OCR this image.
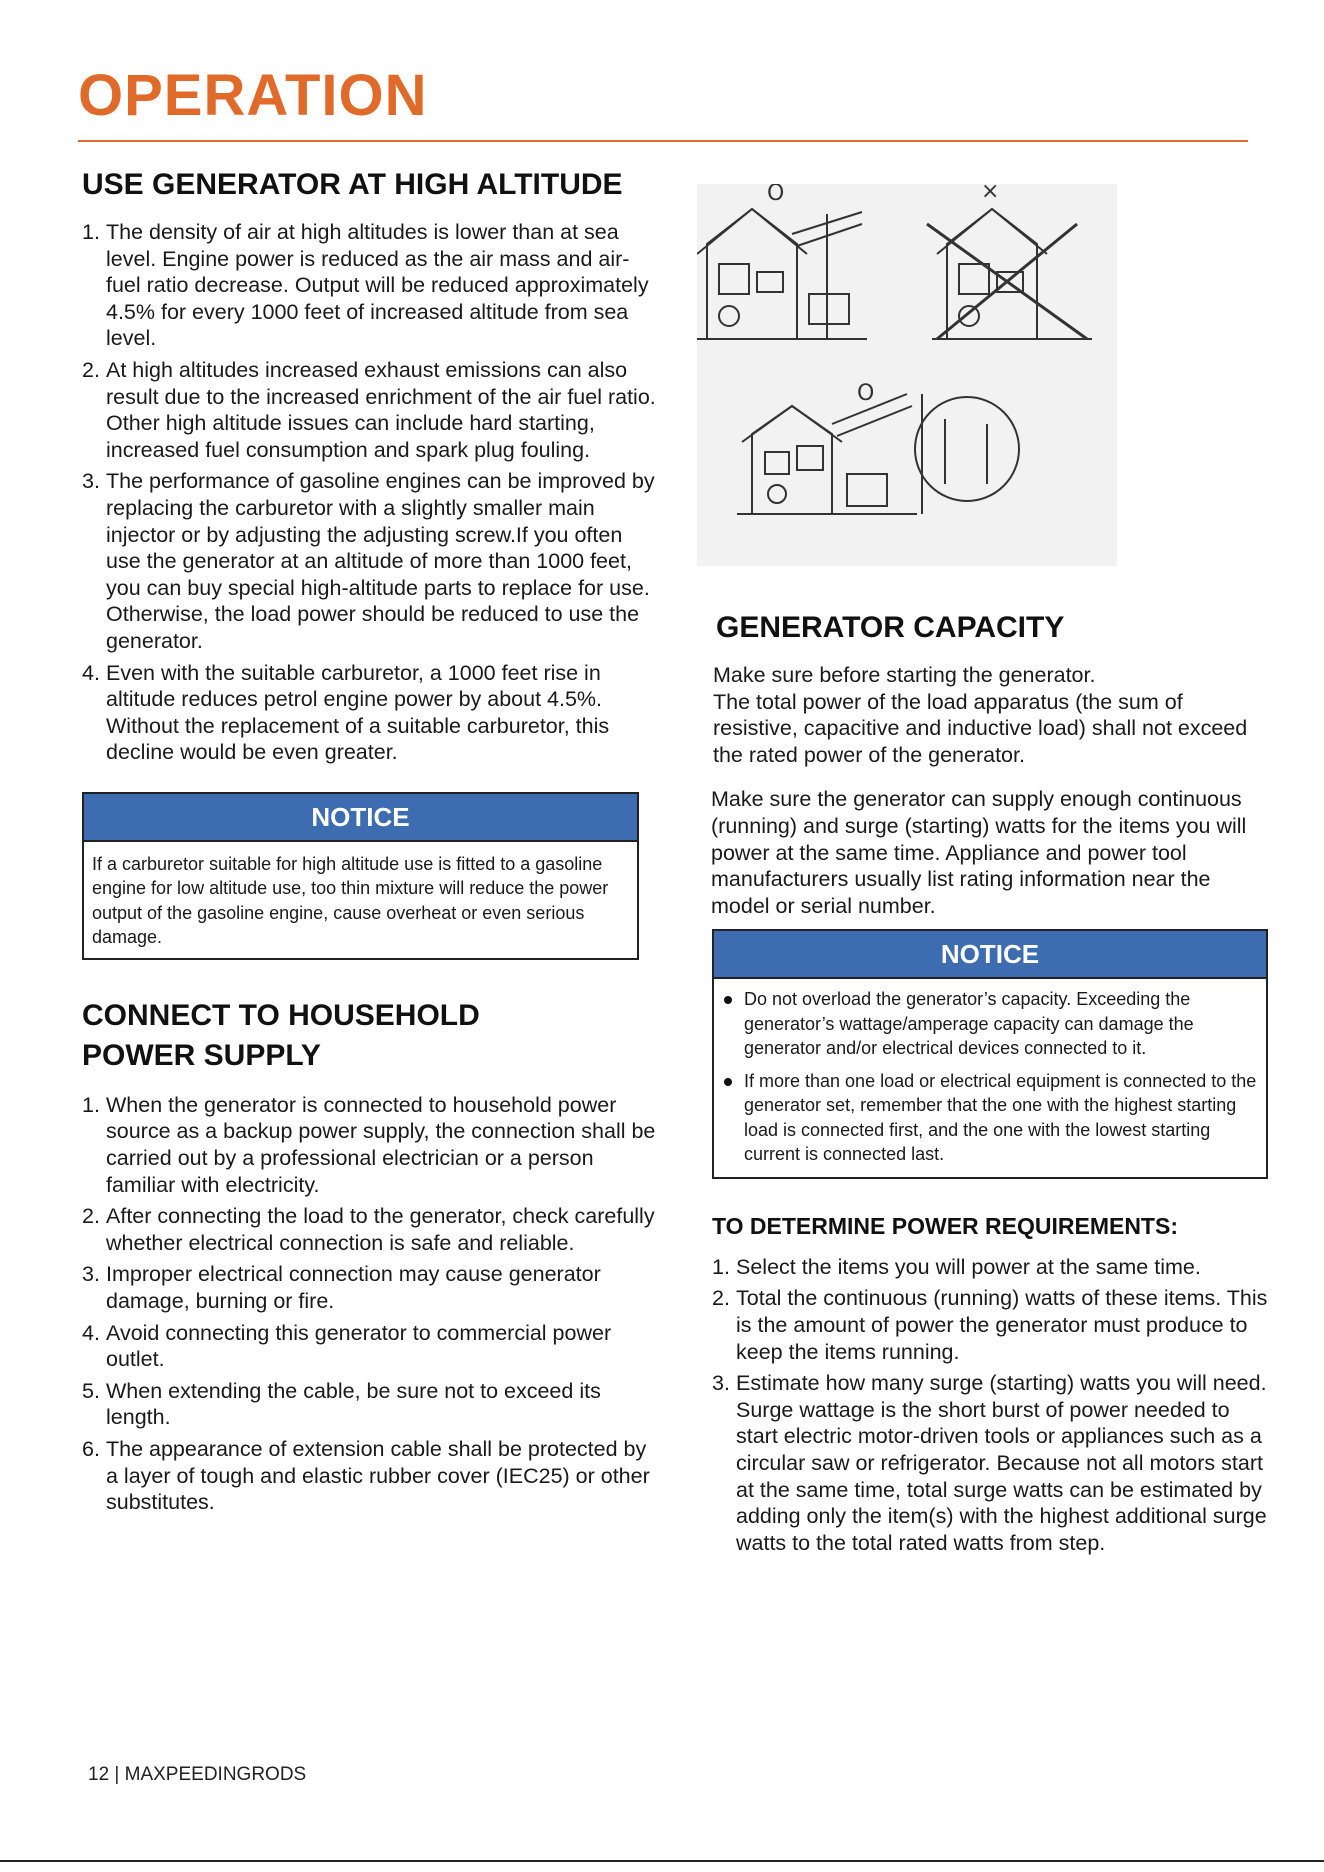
OPERATION
USE GENERATOR AT HIGH ALTITUDE
1. The density of air at high altitudes is lower than at sea level. Engine power is reduced as the air mass and air-fuel ratio decrease. Output will be reduced approximately 4.5% for every 1000 feet of increased altitude from sea level.
2. At high altitudes increased exhaust emissions can also result due to the increased enrichment of the air fuel ratio. Other high altitude issues can include hard starting, increased fuel consumption and spark plug fouling.
3. The performance of gasoline engines can be improved by replacing the carburetor with a slightly smaller main injector or by adjusting the adjusting screw.If you often use the generator at an altitude of more than 1000 feet, you can buy special high-altitude parts to replace for use. Otherwise, the load power should be reduced to use the generator.
4. Even with the suitable carburetor, a 1000 feet rise in altitude reduces petrol engine power by about 4.5%. Without the replacement of a suitable carburetor, this decline would be even greater.
NOTICE
If a carburetor suitable for high altitude use is fitted to a gasoline engine for low altitude use, too thin mixture will reduce the power output of the gasoline engine, cause overheat or even serious damage.
CONNECT TO HOUSEHOLD
POWER SUPPLY
1. When the generator is connected to household power source as a backup power supply, the connection shall be carried out by a professional electrician or a person familiar with electricity.
2. After connecting the load to the generator, check carefully whether electrical connection is safe and reliable.
3. Improper electrical connection may cause generator damage, burning or fire.
4. Avoid connecting this generator to commercial power outlet.
5. When extending the cable, be sure not to exceed its length.
6. The appearance of extension cable shall be protected by a layer of tough and elastic rubber cover (IEC25) or other substitutes.
O	×
O
GENERATOR CAPACITY
Make sure before starting the generator.
The total power of the load apparatus (the sum of resistive, capacitive and inductive load) shall not exceed the rated power of the generator.
Make sure the generator can supply enough continuous (running) and surge (starting) watts for the items you will power at the same time. Appliance and power tool manufacturers usually list rating information near the model or serial number.
NOTICE
Do not overload the generator’s capacity. Exceeding the generator’s wattage/amperage capacity can damage the generator and/or electrical devices connected to it.
If more than one load or electrical equipment is connected to the generator set, remember that the one with the highest starting load is connected first, and the one with the lowest starting current is connected last.
TO DETERMINE POWER REQUIREMENTS:
1. Select the items you will power at the same time.
2. Total the continuous (running) watts of these items. This is the amount of power the generator must produce to keep the items running.
3. Estimate how many surge (starting) watts you will need. Surge wattage is the short burst of power needed to start electric motor-driven tools or appliances such as a circular saw or refrigerator. Because not all motors start at the same time, total surge watts can be estimated by adding only the item(s) with the highest additional surge watts to the total rated watts from step.
12 | MAXPEEDINGRODS
